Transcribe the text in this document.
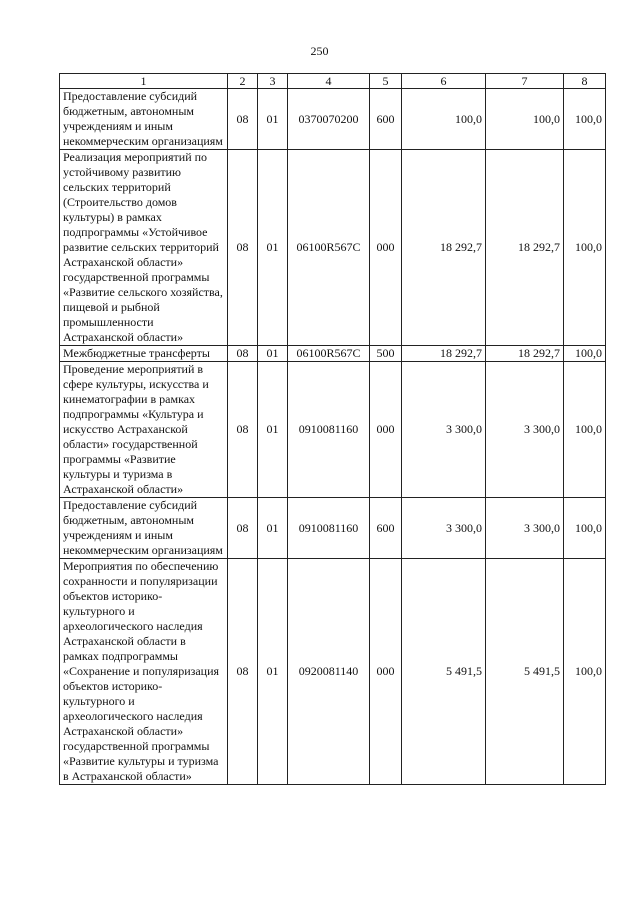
250
1	2	3	4	5	6	7	8
Предоставление субсидий бюджетным, автономным учреждениям и иным некоммерческим организациям	08	01	0370070200	600	100,0	100,0	100,0
Реализация мероприятий по устойчивому развитию сельских территорий (Строительство домов культуры) в рамках подпрограммы «Устойчивое развитие сельских территорий Астраханской области» государственной программы «Развитие сельского хозяйства, пищевой и рыбной промышленности Астраханской области»	08	01	06100R567C	000	18 292,7	18 292,7	100,0
Межбюджетные трансферты	08	01	06100R567C	500	18 292,7	18 292,7	100,0
Проведение мероприятий в сфере культуры, искусства и кинематографии в рамках подпрограммы «Культура и искусство Астраханской области» государственной программы «Развитие культуры и туризма в Астраханской области»	08	01	0910081160	000	3 300,0	3 300,0	100,0
Предоставление субсидий бюджетным, автономным учреждениям и иным некоммерческим организациям	08	01	0910081160	600	3 300,0	3 300,0	100,0
Мероприятия по обеспечению сохранности и популяризации объектов историко-культурного и археологического наследия Астраханской области в рамках подпрограммы «Сохранение и популяризация объектов историко-культурного и археологического наследия Астраханской области» государственной программы «Развитие культуры и туризма в Астраханской области»	08	01	0920081140	000	5 491,5	5 491,5	100,0
